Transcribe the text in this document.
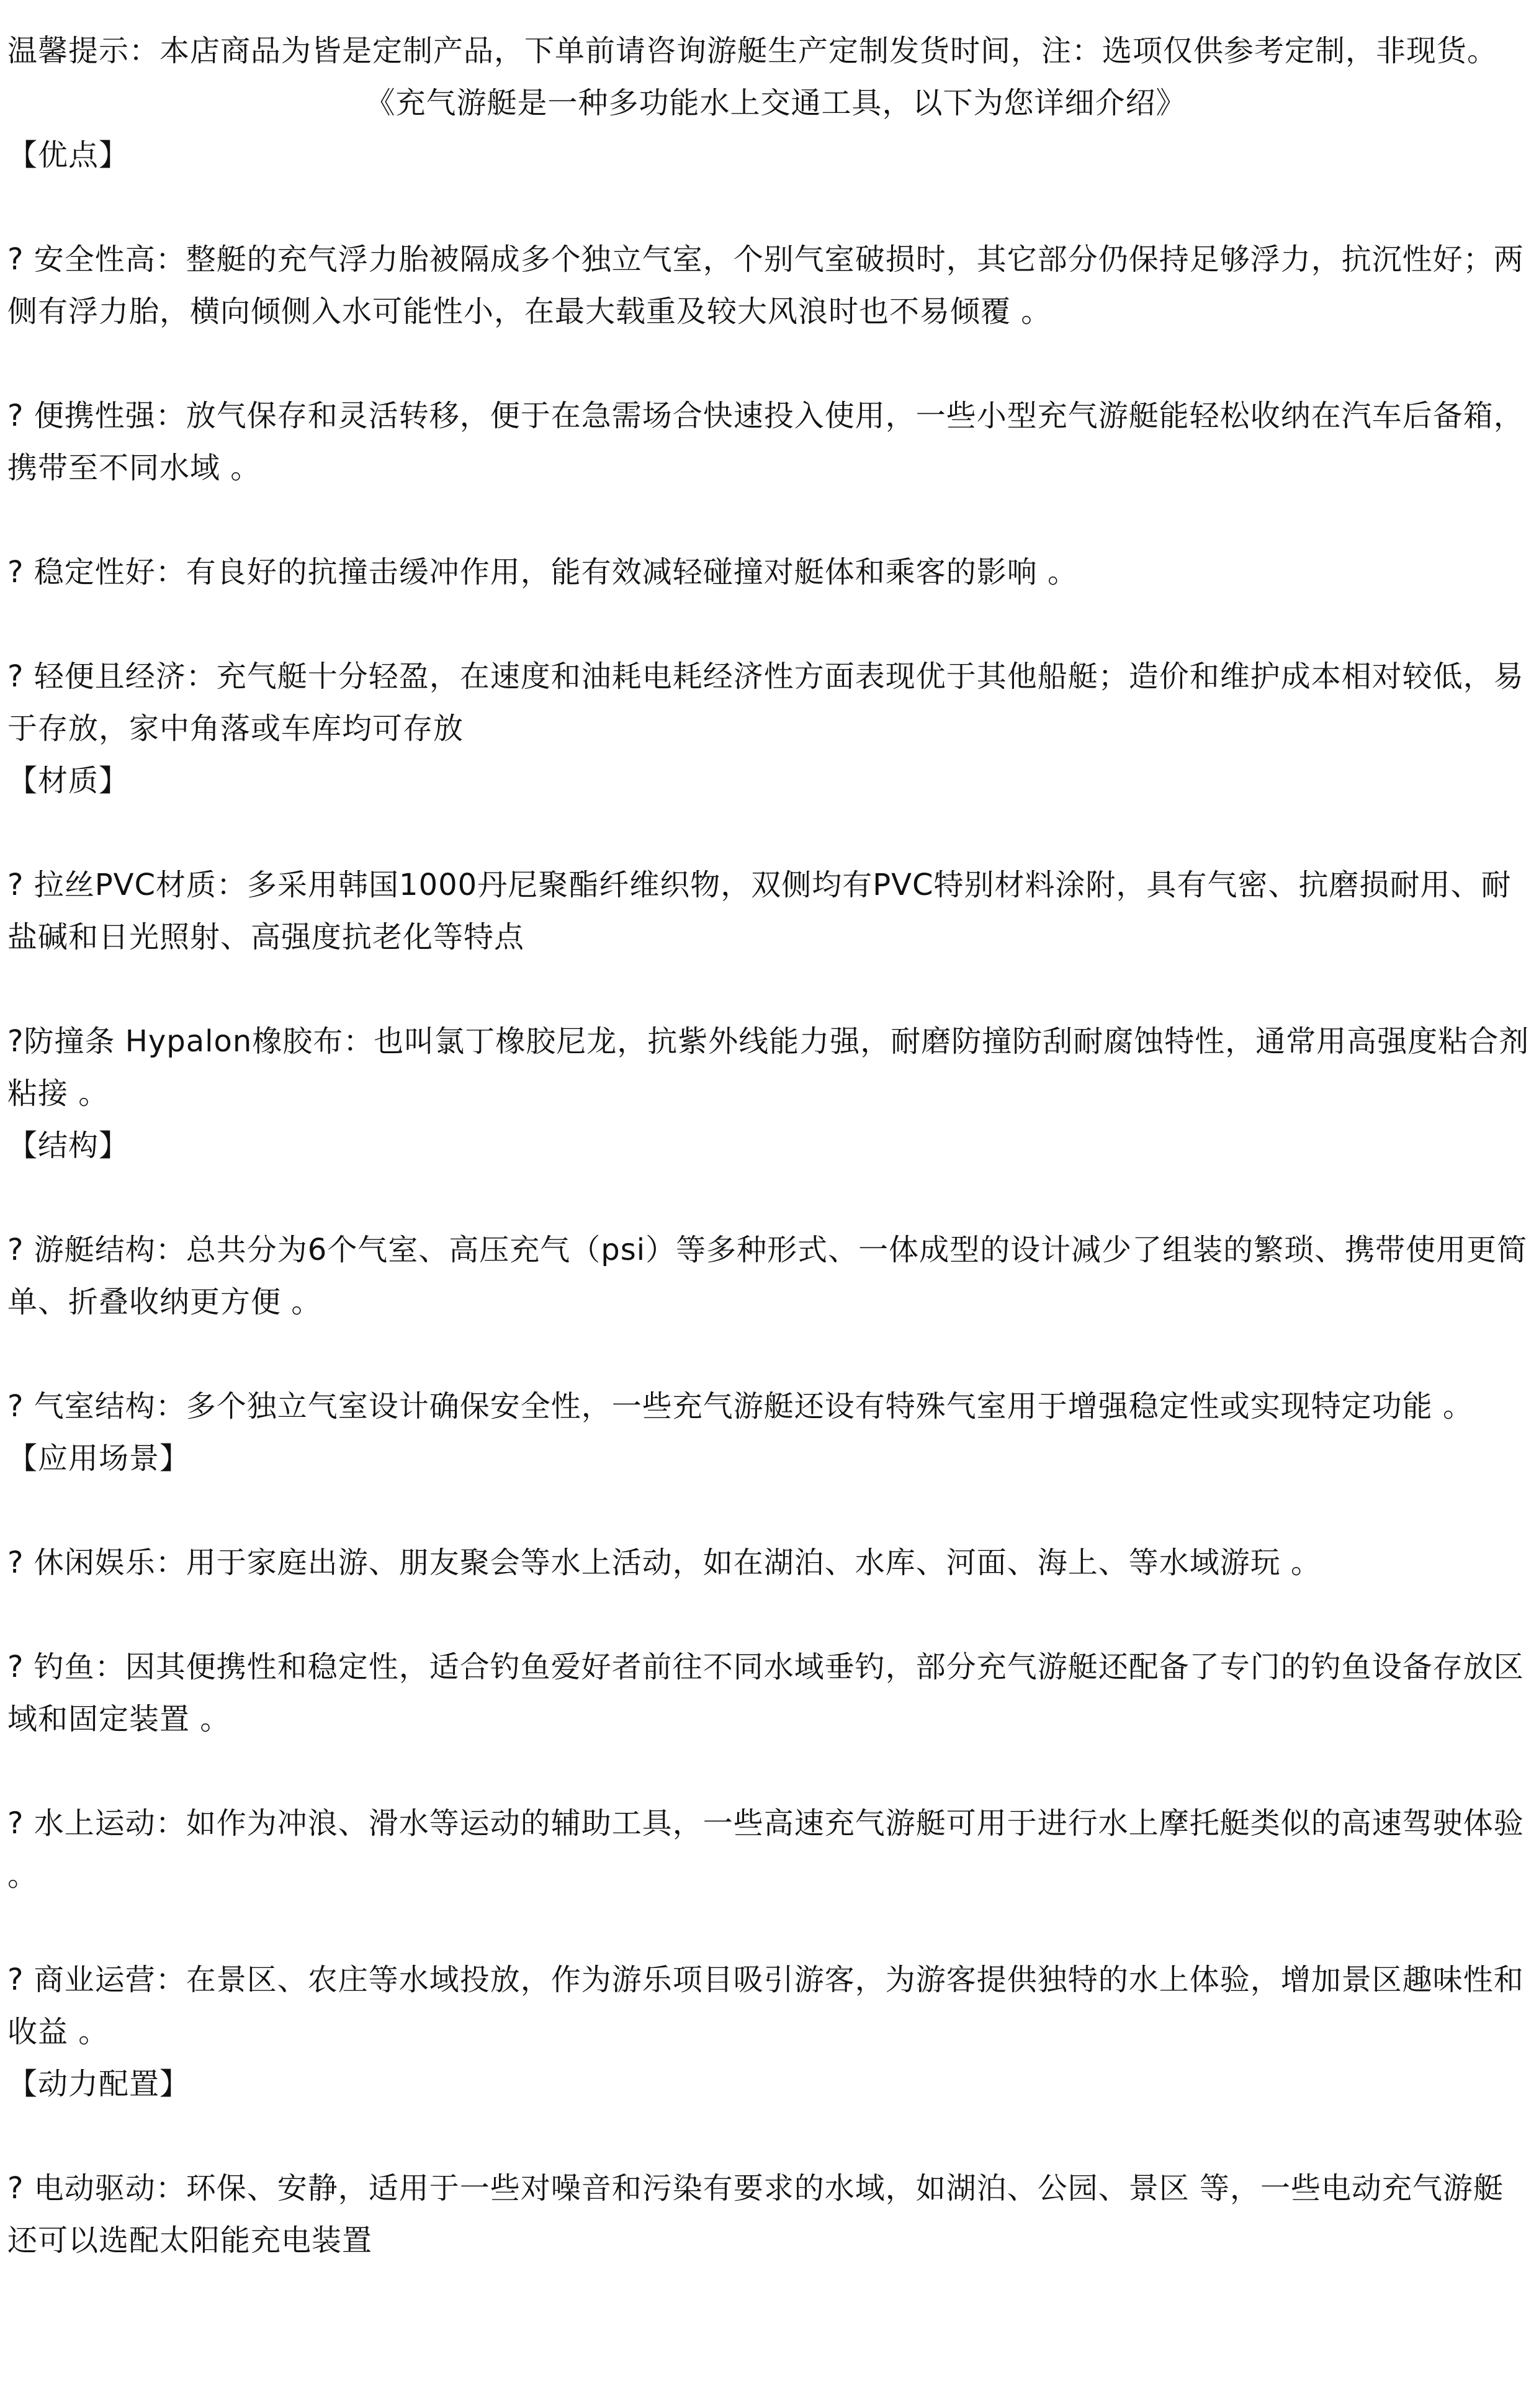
温馨提示：本店商品为皆是定制产品，下单前请咨询游艇生产定制发货时间，注：选项仅供参考定制，非现货。

《充气游艇是一种多功能水上交通工具，以下为您详细介绍》

【优点】

? 安全性高：整艇的充气浮力胎被隔成多个独立气室，个别气室破损时，其它部分仍保持足够浮力，抗沉性好；两侧有浮力胎，横向倾侧入水可能性小，在最大载重及较大风浪时也不易倾覆 。

? 便携性强：放气保存和灵活转移，便于在急需场合快速投入使用，一些小型充气游艇能轻松收纳在汽车后备箱，携带至不同水域 。

? 稳定性好：有良好的抗撞击缓冲作用，能有效减轻碰撞对艇体和乘客的影响 。

? 轻便且经济：充气艇十分轻盈，在速度和油耗电耗经济性方面表现优于其他船艇；造价和维护成本相对较低，易于存放，家中角落或车库均可存放

【材质】

? 拉丝PVC材质：多采用韩国1000丹尼聚酯纤维织物，双侧均有PVC特别材料涂附，具有气密、抗磨损耐用、耐盐碱和日光照射、高强度抗老化等特点

?防撞条 Hypalon橡胶布：也叫氯丁橡胶尼龙，抗紫外线能力强，耐磨防撞防刮耐腐蚀特性，通常用高强度粘合剂粘接 。

【结构】

? 游艇结构：总共分为6个气室、高压充气（psi）等多种形式、一体成型的设计减少了组装的繁琐、携带使用更简单、折叠收纳更方便 。

? 气室结构：多个独立气室设计确保安全性，一些充气游艇还设有特殊气室用于增强稳定性或实现特定功能 。

【应用场景】

? 休闲娱乐：用于家庭出游、朋友聚会等水上活动，如在湖泊、水库、河面、海上、等水域游玩 。

? 钓鱼：因其便携性和稳定性，适合钓鱼爱好者前往不同水域垂钓，部分充气游艇还配备了专门的钓鱼设备存放区域和固定装置 。

? 水上运动：如作为冲浪、滑水等运动的辅助工具，一些高速充气游艇可用于进行水上摩托艇类似的高速驾驶体验 。

? 商业运营：在景区、农庄等水域投放，作为游乐项目吸引游客，为游客提供独特的水上体验，增加景区趣味性和收益 。

【动力配置】

? 电动驱动：环保、安静，适用于一些对噪音和污染有要求的水域，如湖泊、公园、景区 等，一些电动充气游艇还可以选配太阳能充电装置
